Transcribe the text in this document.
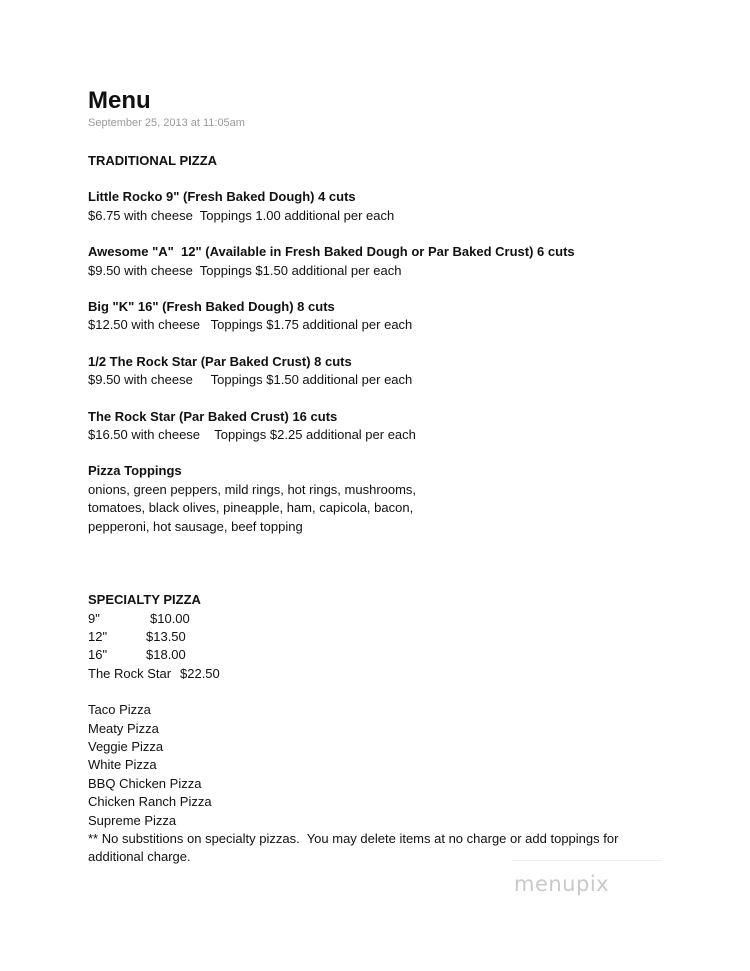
Menu
September 25, 2013 at 11:05am
TRADITIONAL PIZZA
Little Rocko 9" (Fresh Baked Dough) 4 cuts
$6.75 with cheese  Toppings 1.00 additional per each
Awesome "A"  12" (Available in Fresh Baked Dough or Par Baked Crust) 6 cuts
$9.50 with cheese  Toppings $1.50 additional per each
Big "K" 16" (Fresh Baked Dough) 8 cuts
$12.50 with cheese   Toppings $1.75 additional per each
1/2 The Rock Star (Par Baked Crust) 8 cuts
$9.50 with cheese     Toppings $1.50 additional per each
The Rock Star (Par Baked Crust) 16 cuts
$16.50 with cheese    Toppings $2.25 additional per each
Pizza Toppings
onions, green peppers, mild rings, hot rings, mushrooms,
tomatoes, black olives, pineapple, ham, capicola, bacon,
pepperoni, hot sausage, beef topping
SPECIALTY PIZZA
9"	$10.00
12"	$13.50
16"	$18.00
The Rock Star $22.50
Taco Pizza
Meaty Pizza
Veggie Pizza
White Pizza
BBQ Chicken Pizza
Chicken Ranch Pizza
Supreme Pizza
** No substitions on specialty pizzas.  You may delete items at no charge or add toppings for additional charge.
menupix
